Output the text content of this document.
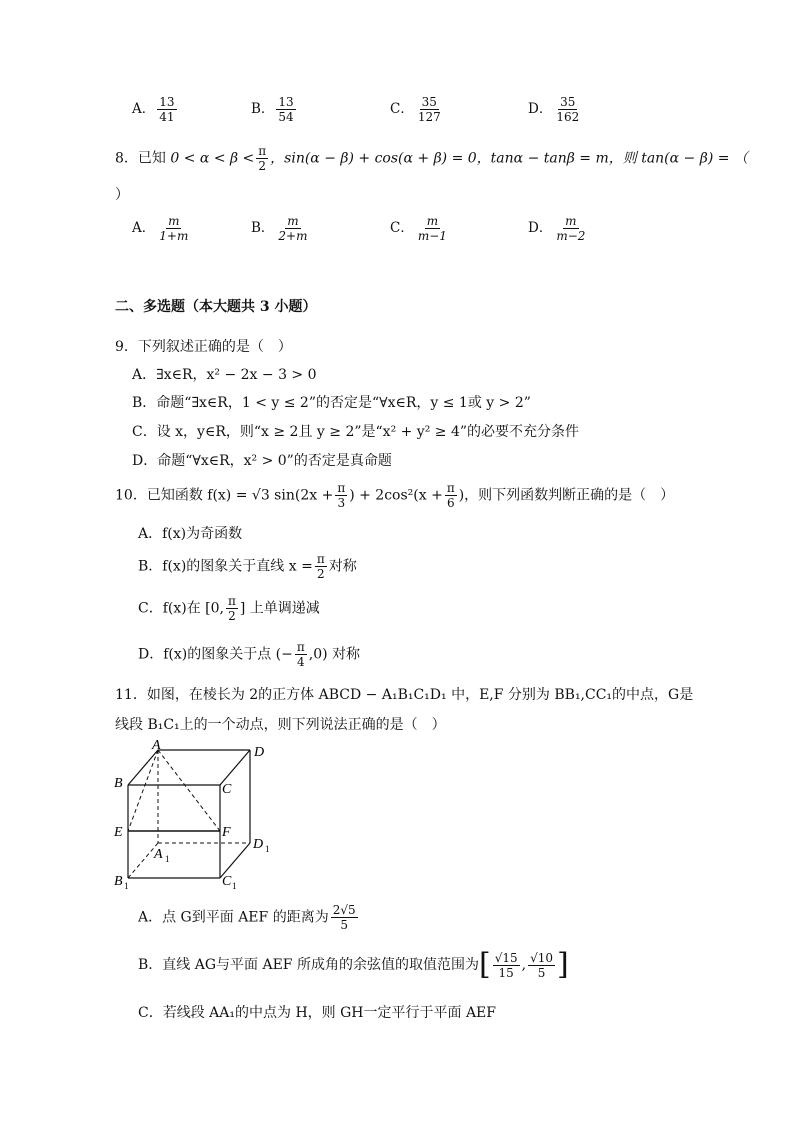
A． $\frac{13}{41}$	B． $\frac{13}{54}$	C． $\frac{35}{127}$	D． $\frac{35}{162}$
8．已知 $0 < \alpha < \beta < \frac{\pi}{2}$ ，sin(α − β) + cos(α + β) = 0，tanα − tanβ = m，则 tan(α − β) = （
）
A． $\frac{m}{1+m}$	B． $\frac{m}{2+m}$	C． $\frac{m}{m-1}$	D． $\frac{m}{m-2}$
二、多选题（本大题共 3 小题）
9．下列叙述正确的是（　）
A．∃x∈R，x² − 2x − 3 > 0
B．命题“∃x∈R，1 < y ≤ 2”的否定是“∀x∈R，y ≤ 1或 y > 2”
C．设 x，y∈R，则“x ≥ 2且 y ≥ 2”是“x² + y² ≥ 4”的必要不充分条件
D．命题“∀x∈R，x² > 0”的否定是真命题
10．已知函数 f(x) = √3 $\sin(2x + \frac{\pi}{3}$ ) + $2\cos^2(x + \frac{\pi}{6}$ )，则下列函数判断正确的是（　）
A．f(x)为奇函数
B．f(x)的图象关于直线 $x = \frac{\pi}{2}$ 对称
C．f(x)在 [0, $\frac{\pi}{2}$ ] 上单调递减
D．f(x)的图象关于点 (− $\frac{\pi}{4} ,0$) 对称
11．如图，在棱长为 2的正方体 ABCD − A₁B₁C₁D₁ 中，E,F 分别为 BB₁,CC₁的中点，G是
线段 B₁C₁上的一个动点，则下列说法正确的是（　）
A	D
B	C
E	F
A 1
D 1
B 1	C 1
A．点 G到平面 AEF 的距离为 $\frac{2√5}{5}$
B．直线 AG与平面 AEF 所成角的余弦值的取值范围为[ $\frac{√15}{15}$ , $\frac{√10}{5}$ ]
C．若线段 AA₁的中点为 H，则 GH一定平行于平面 AEF
